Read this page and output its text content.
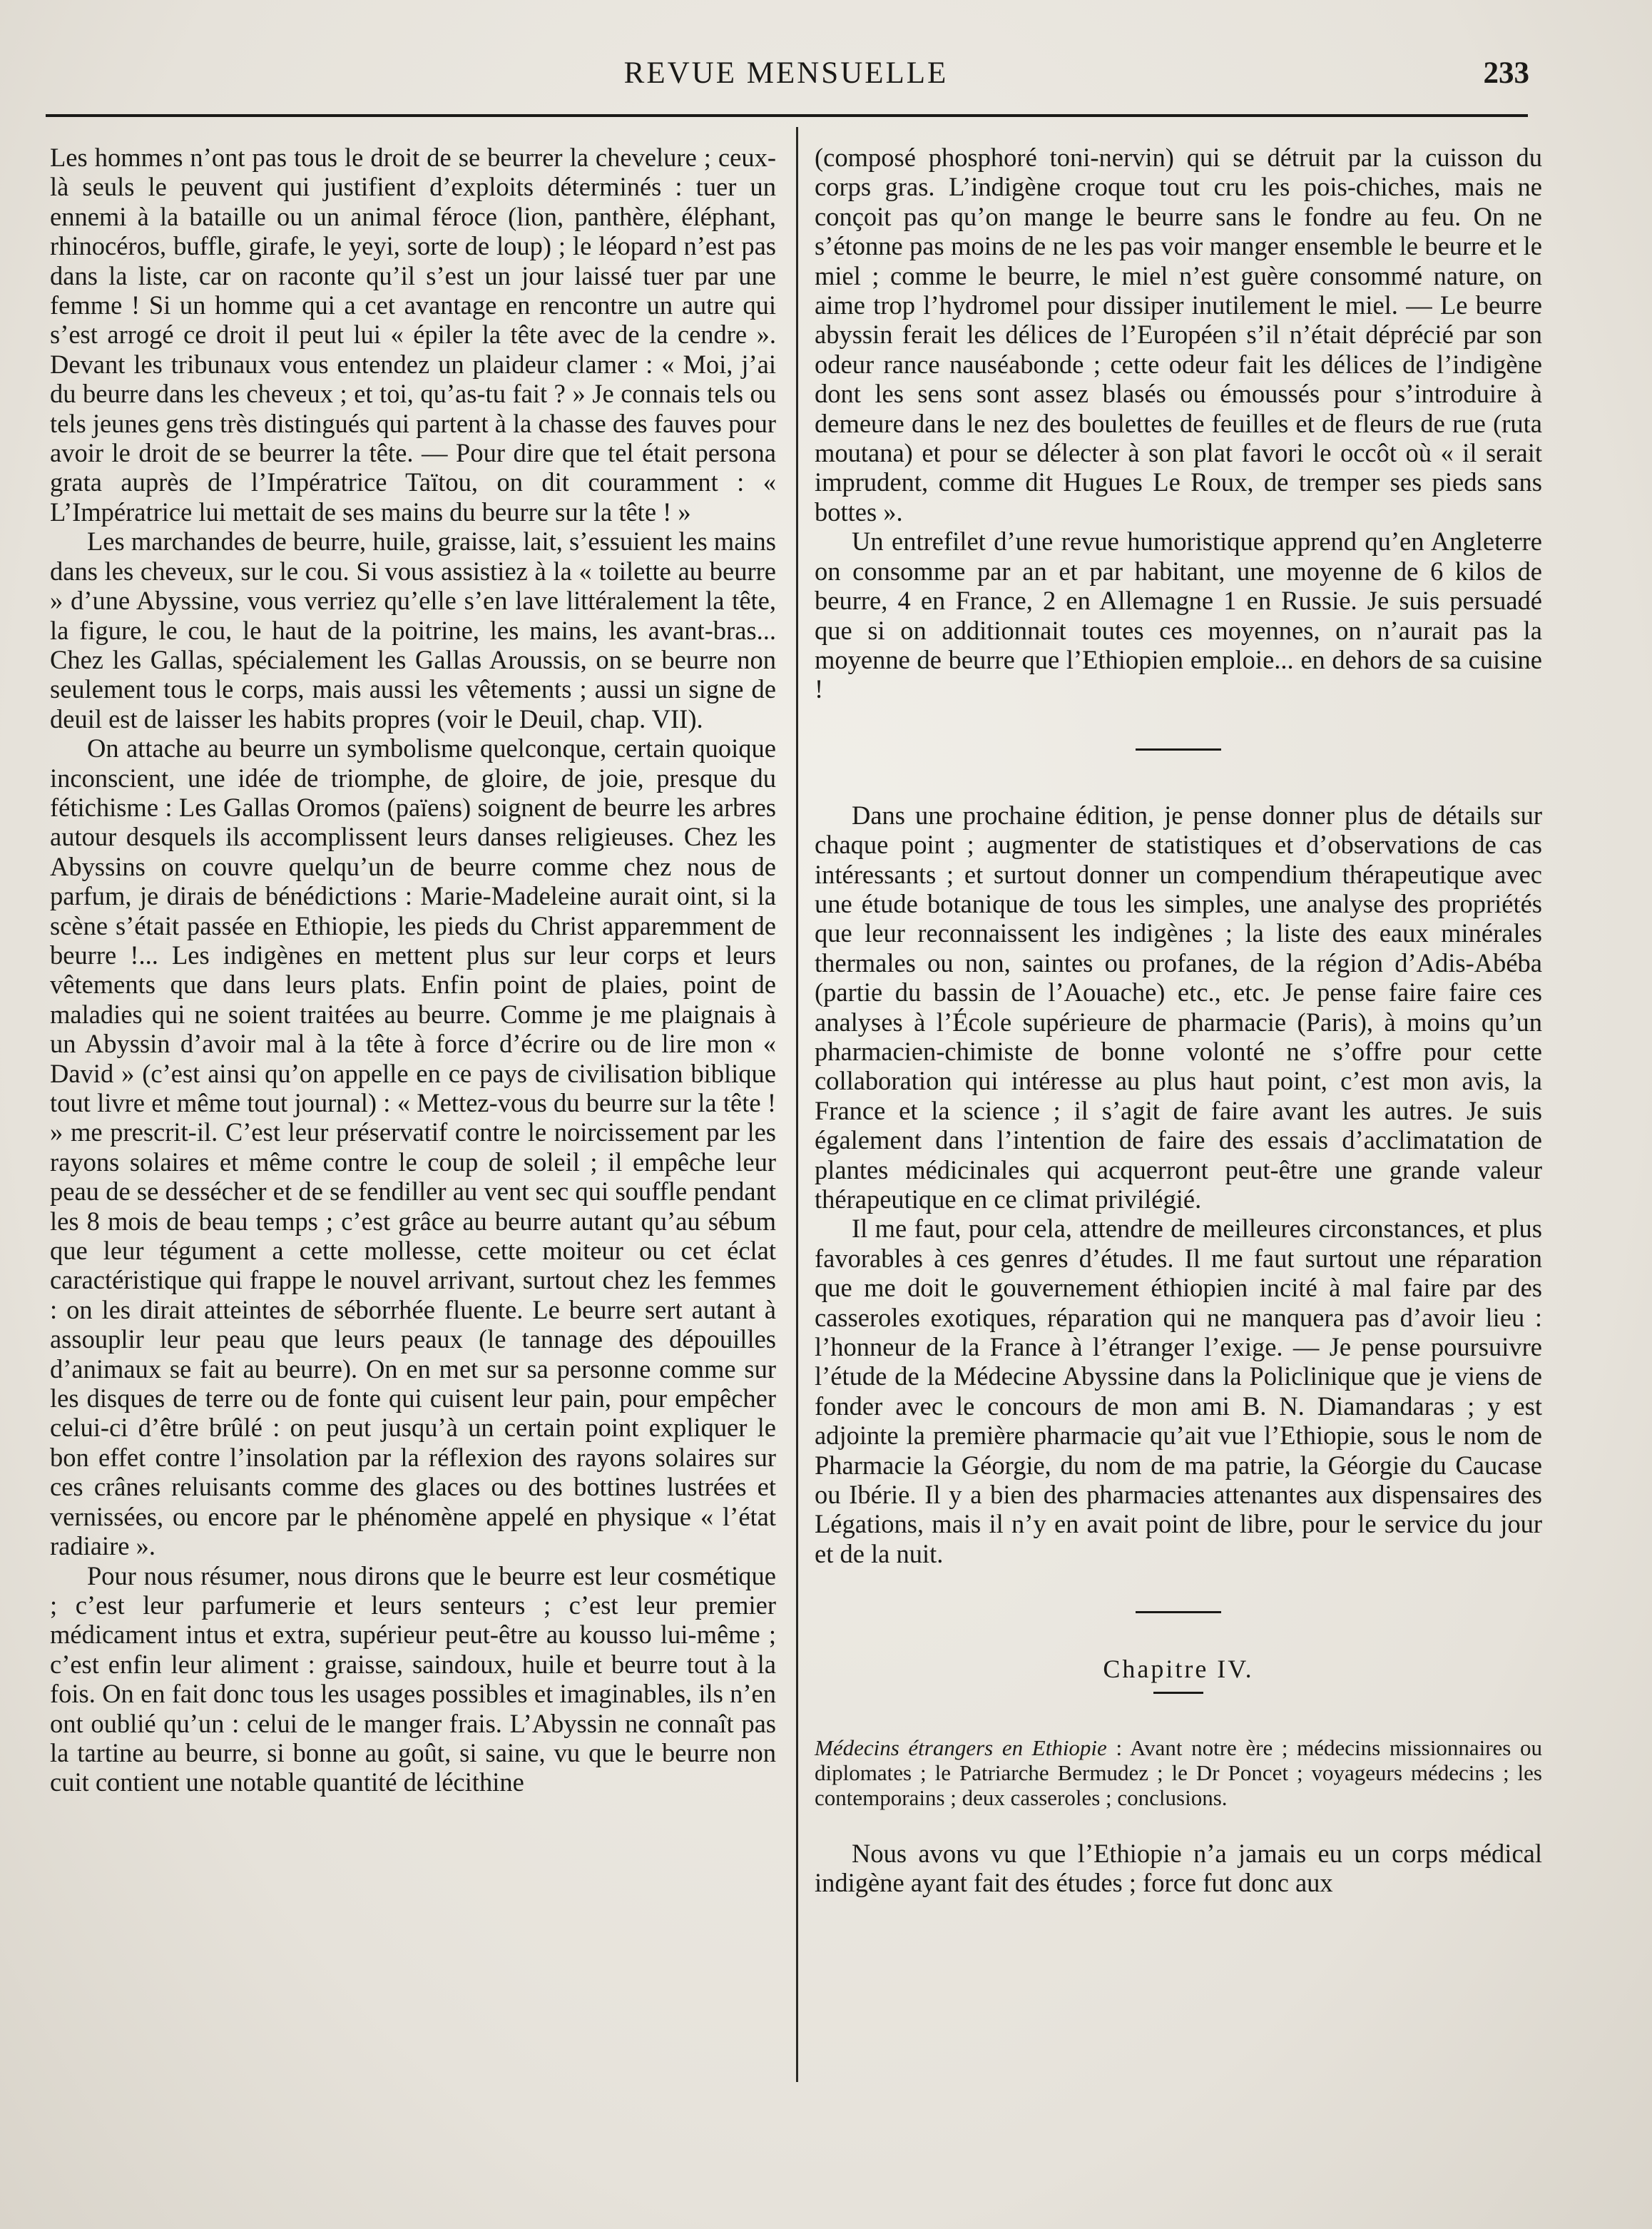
REVUE MENSUELLE	233

Les hommes n’ont pas tous le droit de se beurrer la chevelure ; ceux-là seuls le peuvent qui justifient d’exploits déterminés : tuer un ennemi à la bataille ou un animal féroce (lion, panthère, éléphant, rhinocéros, buffle, girafe, le yeyi, sorte de loup) ; le léopard n’est pas dans la liste, car on raconte qu’il s’est un jour laissé tuer par une femme ! Si un homme qui a cet avantage en rencontre un autre qui s’est arrogé ce droit il peut lui « épiler la tête avec de la cendre ». Devant les tribunaux vous entendez un plaideur clamer : « Moi, j’ai du beurre dans les cheveux ; et toi, qu’as-tu fait ? » Je connais tels ou tels jeunes gens très distingués qui partent à la chasse des fauves pour avoir le droit de se beurrer la tête. — Pour dire que tel était persona grata auprès de l’Impératrice Taïtou, on dit couramment : « L’Impératrice lui mettait de ses mains du beurre sur la tête ! »

Les marchandes de beurre, huile, graisse, lait, s’essuient les mains dans les cheveux, sur le cou. Si vous assistiez à la « toilette au beurre » d’une Abyssine, vous verriez qu’elle s’en lave littéralement la tête, la figure, le cou, le haut de la poitrine, les mains, les avant-bras... Chez les Gallas, spécialement les Gallas Aroussis, on se beurre non seulement tous le corps, mais aussi les vêtements ; aussi un signe de deuil est de laisser les habits propres (voir le Deuil, chap. VII).

On attache au beurre un symbolisme quelconque, certain quoique inconscient, une idée de triomphe, de gloire, de joie, presque du fétichisme : Les Gallas Oromos (païens) soignent de beurre les arbres autour desquels ils accomplissent leurs danses religieuses. Chez les Abyssins on couvre quelqu’un de beurre comme chez nous de parfum, je dirais de bénédictions : Marie-Madeleine aurait oint, si la scène s’était passée en Ethiopie, les pieds du Christ apparemment de beurre !... Les indigènes en mettent plus sur leur corps et leurs vêtements que dans leurs plats. Enfin point de plaies, point de maladies qui ne soient traitées au beurre. Comme je me plaignais à un Abyssin d’avoir mal à la tête à force d’écrire ou de lire mon « David » (c’est ainsi qu’on appelle en ce pays de civilisation biblique tout livre et même tout journal) : « Mettez-vous du beurre sur la tête ! » me prescrit-il. C’est leur préservatif contre le noircissement par les rayons solaires et même contre le coup de soleil ; il empêche leur peau de se dessécher et de se fendiller au vent sec qui souffle pendant les 8 mois de beau temps ; c’est grâce au beurre autant qu’au sébum que leur tégument a cette mollesse, cette moiteur ou cet éclat caractéristique qui frappe le nouvel arrivant, surtout chez les femmes : on les dirait atteintes de séborrhée fluente. Le beurre sert autant à assouplir leur peau que leurs peaux (le tannage des dépouilles d’animaux se fait au beurre). On en met sur sa personne comme sur les disques de terre ou de fonte qui cuisent leur pain, pour empêcher celui-ci d’être brûlé : on peut jusqu’à un certain point expliquer le bon effet contre l’insolation par la réflexion des rayons solaires sur ces crânes reluisants comme des glaces ou des bottines lustrées et vernissées, ou encore par le phénomène appelé en physique « l’état radiaire ».

Pour nous résumer, nous dirons que le beurre est leur cosmétique ; c’est leur parfumerie et leurs senteurs ; c’est leur premier médicament intus et extra, supérieur peut-être au kousso lui-même ; c’est enfin leur aliment : graisse, saindoux, huile et beurre tout à la fois. On en fait donc tous les usages possibles et imaginables, ils n’en ont oublié qu’un : celui de le manger frais. L’Abyssin ne connaît pas la tartine au beurre, si bonne au goût, si saine, vu que le beurre non cuit contient une notable quantité de lécithine

(composé phosphoré toni-nervin) qui se détruit par la cuisson du corps gras. L’indigène croque tout cru les pois-chiches, mais ne conçoit pas qu’on mange le beurre sans le fondre au feu. On ne s’étonne pas moins de ne les pas voir manger ensemble le beurre et le miel ; comme le beurre, le miel n’est guère consommé nature, on aime trop l’hydromel pour dissiper inutilement le miel. — Le beurre abyssin ferait les délices de l’Européen s’il n’était déprécié par son odeur rance nauséabonde ; cette odeur fait les délices de l’indigène dont les sens sont assez blasés ou émoussés pour s’introduire à demeure dans le nez des boulettes de feuilles et de fleurs de rue (ruta moutana) et pour se délecter à son plat favori le occôt où « il serait imprudent, comme dit Hugues Le Roux, de tremper ses pieds sans bottes ».

Un entrefilet d’une revue humoristique apprend qu’en Angleterre on consomme par an et par habitant, une moyenne de 6 kilos de beurre, 4 en France, 2 en Allemagne 1 en Russie. Je suis persuadé que si on additionnait toutes ces moyennes, on n’aurait pas la moyenne de beurre que l’Ethiopien emploie... en dehors de sa cuisine !

Dans une prochaine édition, je pense donner plus de détails sur chaque point ; augmenter de statistiques et d’observations de cas intéressants ; et surtout donner un compendium thérapeutique avec une étude botanique de tous les simples, une analyse des propriétés que leur reconnaissent les indigènes ; la liste des eaux minérales thermales ou non, saintes ou profanes, de la région d’Adis-Abéba (partie du bassin de l’Aouache) etc., etc. Je pense faire faire ces analyses à l’École supérieure de pharmacie (Paris), à moins qu’un pharmacien-chimiste de bonne volonté ne s’offre pour cette collaboration qui intéresse au plus haut point, c’est mon avis, la France et la science ; il s’agit de faire avant les autres. Je suis également dans l’intention de faire des essais d’acclimatation de plantes médicinales qui acquerront peut-être une grande valeur thérapeutique en ce climat privilégié.

Il me faut, pour cela, attendre de meilleures circonstances, et plus favorables à ces genres d’études. Il me faut surtout une réparation que me doit le gouvernement éthiopien incité à mal faire par des casseroles exotiques, réparation qui ne manquera pas d’avoir lieu : l’honneur de la France à l’étranger l’exige. — Je pense poursuivre l’étude de la Médecine Abyssine dans la Policlinique que je viens de fonder avec le concours de mon ami B. N. Diamandaras ; y est adjointe la première pharmacie qu’ait vue l’Ethiopie, sous le nom de Pharmacie la Géorgie, du nom de ma patrie, la Géorgie du Caucase ou Ibérie. Il y a bien des pharmacies attenantes aux dispensaires des Légations, mais il n’y en avait point de libre, pour le service du jour et de la nuit.

Chapitre IV.
Médecins étrangers en Ethiopie : Avant notre ère ; médecins missionnaires ou diplomates ; le Patriarche Bermudez ; le Dr Poncet ; voyageurs médecins ; les contemporains ; deux casseroles ; conclusions.

Nous avons vu que l’Ethiopie n’a jamais eu un corps médical indigène ayant fait des études ; force fut donc aux
